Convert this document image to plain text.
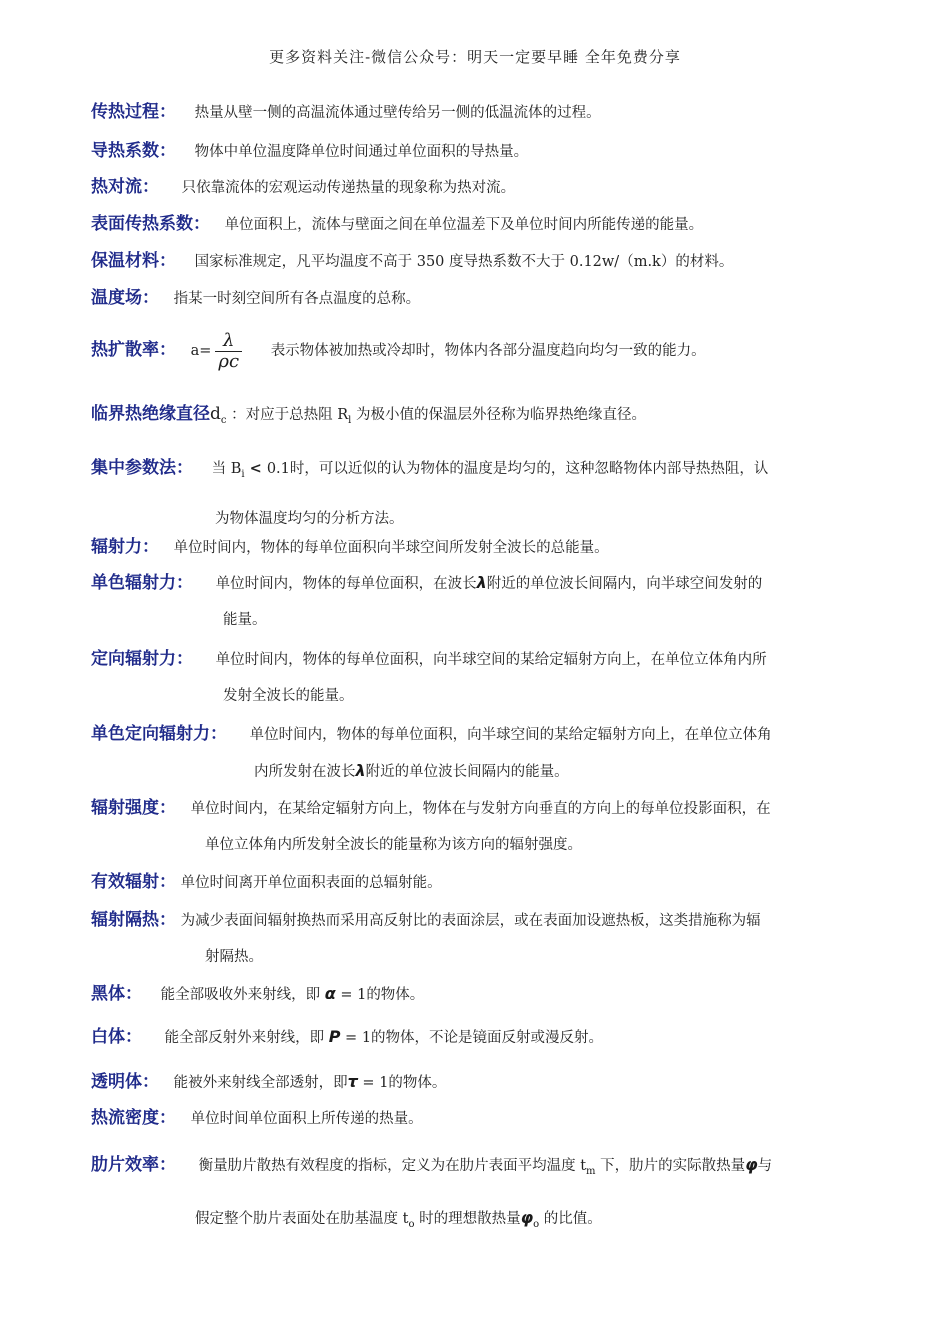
更多资料关注-微信公众号：明天一定要早睡 全年免费分享
传热过程： 热量从壁一侧的高温流体通过壁传给另一侧的低温流体的过程。
导热系数： 物体中单位温度降单位时间通过单位面积的导热量。
热对流： 只依靠流体的宏观运动传递热量的现象称为热对流。
表面传热系数： 单位面积上，流体与壁面之间在单位温差下及单位时间内所能传递的能量。
保温材料： 国家标准规定，凡平均温度不高于 350 度导热系数不大于 0.12w/（m.k）的材料。
温度场： 指某一时刻空间所有各点温度的总称。
热扩散率： $a= \frac{\lambda}{\rho c}$ 表示物体被加热或冷却时，物体内各部分温度趋向均匀一致的能力。
临界热绝缘直径$d_c$ ：对应于总热阻 $R_l$ 为极小值的保温层外径称为临界热绝缘直径。
集中参数法： 当 $B_i < 0.1$时，可以近似的认为物体的温度是均匀的，这种忽略物体内部导热热阻，认
为物体温度均匀的分析方法。
辐射力： 单位时间内，物体的每单位面积向半球空间所发射全波长的总能量。
单色辐射力： 单位时间内，物体的每单位面积，在波长λ附近的单位波长间隔内，向半球空间发射的
能量。
定向辐射力： 单位时间内，物体的每单位面积，向半球空间的某给定辐射方向上，在单位立体角内所
发射全波长的能量。
单色定向辐射力： 单位时间内，物体的每单位面积，向半球空间的某给定辐射方向上，在单位立体角
内所发射在波长λ附近的单位波长间隔内的能量。
辐射强度： 单位时间内，在某给定辐射方向上，物体在与发射方向垂直的方向上的每单位投影面积，在
单位立体角内所发射全波长的能量称为该方向的辐射强度。
有效辐射： 单位时间离开单位面积表面的总辐射能。
辐射隔热： 为减少表面间辐射换热而采用高反射比的表面涂层，或在表面加设遮热板，这类措施称为辐
射隔热。
黑体： 能全部吸收外来射线，即 α = 1的物体。
白体： 能全部反射外来射线，即 P = 1的物体，不论是镜面反射或漫反射。
透明体： 能被外来射线全部透射，即τ = 1的物体。
热流密度： 单位时间单位面积上所传递的热量。
肋片效率： 衡量肋片散热有效程度的指标，定义为在肋片表面平均温度 $t_m$ 下，肋片的实际散热量φ与
假定整个肋片表面处在肋基温度 $t_o$ 时的理想散热量$\varphi_o$ 的比值。
